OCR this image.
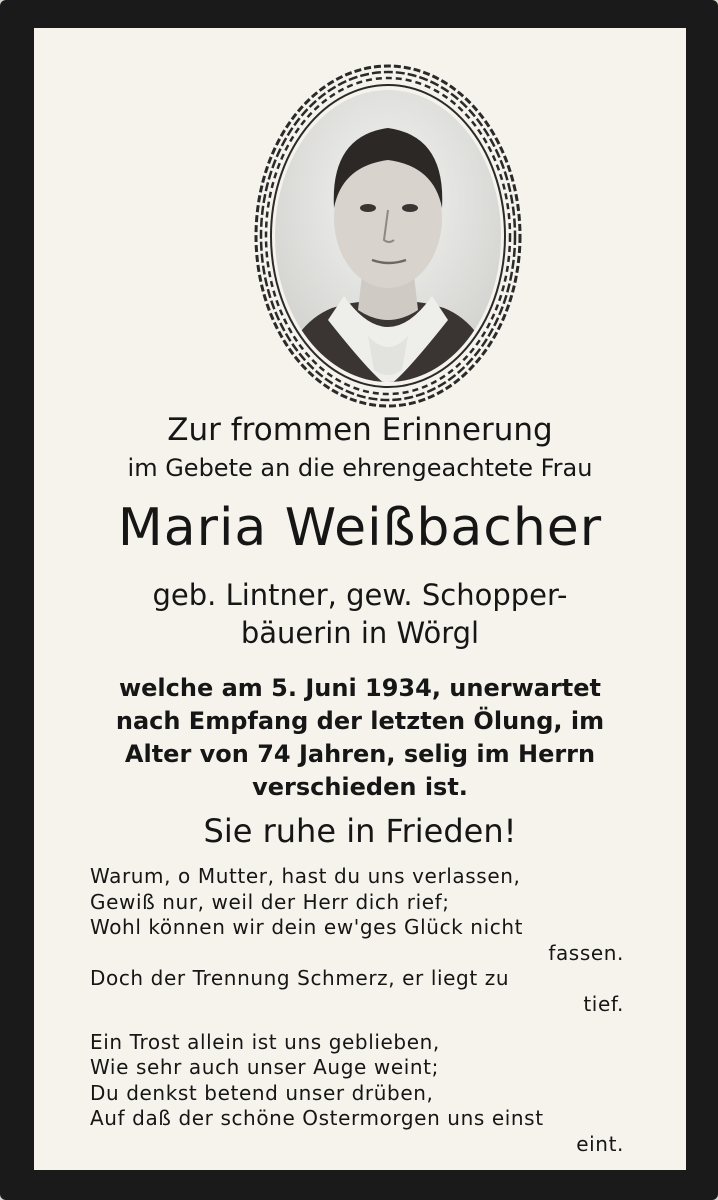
Zur frommen Erinnerung
im Gebete an die ehrengeachtete Frau
Maria Weißbacher
geb. Lintner, gew. Schopper-
bäuerin in Wörgl
welche am 5. Juni 1934, unerwartet
nach Empfang der letzten Ölung, im
Alter von 74 Jahren, selig im Herrn
verschieden ist.
Sie ruhe in Frieden!
Warum, o Mutter, hast du uns verlassen,
Gewiß nur, weil der Herr dich rief;
Wohl können wir dein ew'ges Glück nicht
fassen.
Doch der Trennung Schmerz, er liegt zu
tief.
Ein Trost allein ist uns geblieben,
Wie sehr auch unser Auge weint;
Du denkst betend unser drüben,
Auf daß der schöne Ostermorgen uns einst
eint.
